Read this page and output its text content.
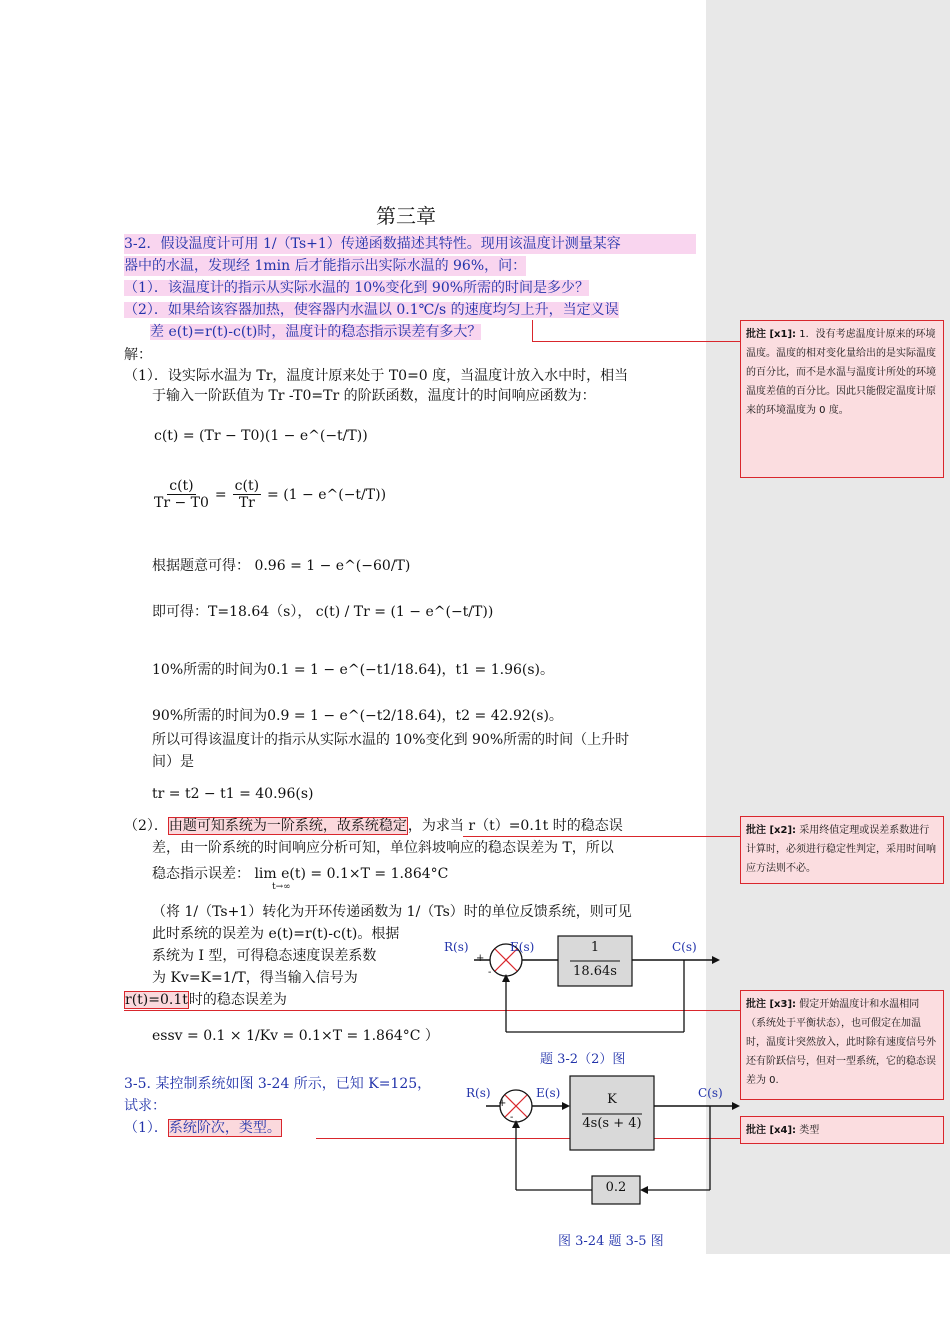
第三章
3-2．假设温度计可用 1/（Ts+1）传递函数描述其特性。现用该温度计测量某容
器中的水温，发现经 1min 后才能指示出实际水温的 96%，问：
（1）．该温度计的指示从实际水温的 10%变化到 90%所需的时间是多少？
（2）．如果给该容器加热，使容器内水温以 0.1℃/s 的速度均匀上升，当定义误
差 e(t)=r(t)-c(t)时，温度计的稳态指示误差有多大？
解：
（1）．设实际水温为 Tr，温度计原来处于 T0=0 度，当温度计放入水中时，相当
于输入一阶跃值为 Tr -T0=Tr 的阶跃函数，温度计的时间响应函数为：
c(t) = (Tr − T0)(1 − e^(−t/T))
$\frac{c(t)}{Tr - T0} = \frac{c(t)}{Tr} = (1$ − e^(−t/T))
根据题意可得： 0.96 = 1 − e^(−60/T)
即可得：T=18.64（s）， c(t) / Tr = (1 − e^(−t/T))
10%所需的时间为0.1 = 1 − e^(−t1/18.64)，t1 = 1.96(s)。
90%所需的时间为0.9 = 1 − e^(−t2/18.64)，t2 = 42.92(s)。
所以可得该温度计的指示从实际水温的 10%变化到 90%所需的时间（上升时
间）是
tr = t2 − t1 = 40.96(s)
（2）．由题可知系统为一阶系统，故系统稳定，为求当 r（t）=0.1t 时的稳态误
差，由一阶系统的时间响应分析可知，单位斜坡响应的稳态误差为 T，所以
稳态指示误差： lim e(t) = 0.1×T = 1.864°C
t→∞
（将 1/（Ts+1）转化为开环传递函数为 1/（Ts）时的单位反馈系统，则可见
此时系统的误差为 e(t)=r(t)-c(t)。根据
系统为 I 型，可得稳态速度误差系数
为 Kv=K=1/T，得当输入信号为
r(t)=0.1t时的稳态误差为
essv = 0.1 × 1/Kv = 0.1×T = 1.864°C ）
R(s)	E(s)	C(s)
+
-
1
18.64s
题 3-2（2）图
3-5. 某控制系统如图 3-24 所示，已知 K=125，
试求：
（1）．系统阶次，类型。
R(s)	E(s)	C(s)
+
-
K
4s(s + 4)
0.2
图 3-24 题 3-5 图
批注 [x1]: 1．没有考虑温度计原来的环境温度。温度的相对变化量给出的是实际温度的百分比，而不是水温与温度计所处的环境温度差值的百分比。因此只能假定温度计原来的环境温度为 0 度。
批注 [x2]: 采用终值定理或误差系数进行计算时，必须进行稳定性判定，采用时间响应方法则不必。
批注 [x3]: 假定开始温度计和水温相同（系统处于平衡状态），也可假定在加温时，温度计突然放入，此时除有速度信号外还有阶跃信号，但对一型系统，它的稳态误差为 0.
批注 [x4]: 类型
